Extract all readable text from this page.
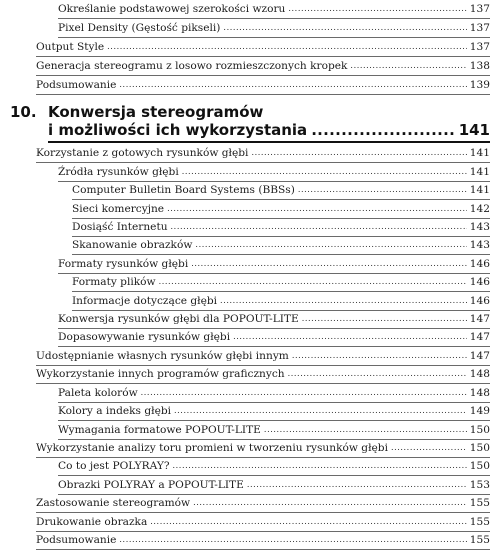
Określanie podstawowej szerokości wzoru .....	137
Pixel Density (Gęstość pikseli) .....	137
Output Style .....	137
Generacja stereogramu z losowo rozmieszczonych kropek .....	138
Podsumowanie .....	139
10. Konwersja stereogramów
i możliwości ich wykorzystania .....	141
Korzystanie z gotowych rysunków głębi .....	141
Źródła rysunków głębi .....	141
Computer Bulletin Board Systems (BBSs) .....	141
Sieci komercyjne .....	142
Dosiąść Internetu .....	143
Skanowanie obrazków .....	143
Formaty rysunków głębi .....	146
Formaty plików .....	146
Informacje dotyczące głębi .....	146
Konwersja rysunków głębi dla POPOUT-LITE .....	147
Dopasowywanie rysunków głębi .....	147
Udostępnianie własnych rysunków głębi innym .....	147
Wykorzystanie innych programów graficznych .....	148
Paleta kolorów .....	148
Kolory a indeks głębi .....	149
Wymagania formatowe POPOUT-LITE .....	150
Wykorzystanie analizy toru promieni w tworzeniu rysunków głębi .....	150
Co to jest POLYRAY? .....	150
Obrazki POLYRAY a POPOUT-LITE .....	153
Zastosowanie stereogramów .....	155
Drukowanie obrazka .....	155
Podsumowanie .....	155
